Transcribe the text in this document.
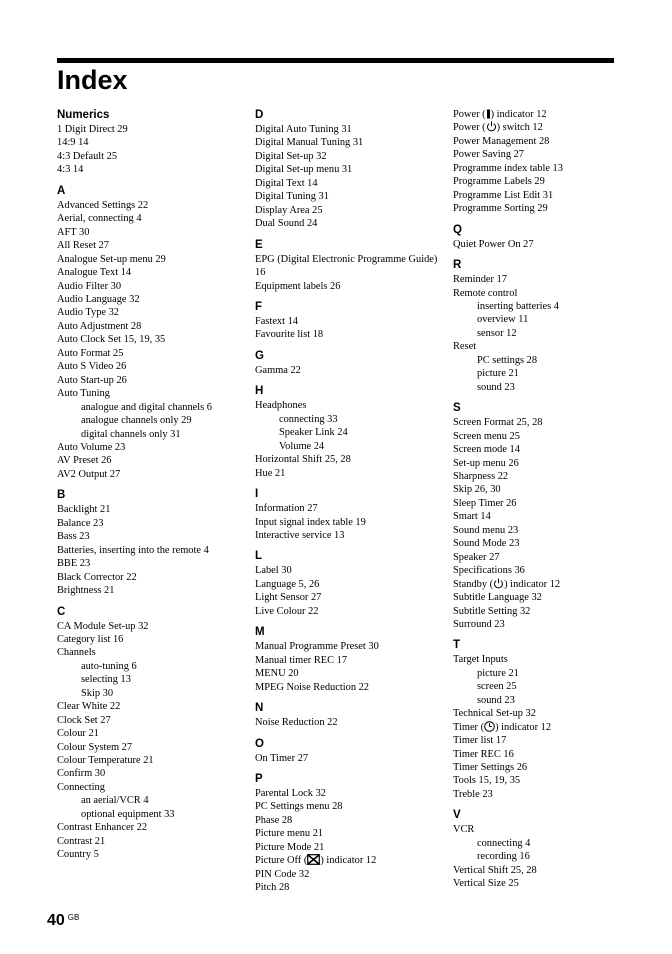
Index
Numerics
1 Digit Direct 29
14:9 14
4:3 Default 25
4:3 14
A
Advanced Settings 22
Aerial, connecting 4
AFT 30
All Reset 27
Analogue Set-up menu 29
Analogue Text 14
Audio Filter 30
Audio Language 32
Audio Type 32
Auto Adjustment 28
Auto Clock Set 15, 19, 35
Auto Format 25
Auto S Video 26
Auto Start-up 26
Auto Tuning
analogue and digital channels 6
analogue channels only 29
digital channels only 31
Auto Volume 23
AV Preset 26
AV2 Output 27
B
Backlight 21
Balance 23
Bass 23
Batteries, inserting into the remote 4
BBE 23
Black Corrector 22
Brightness 21
C
CA Module Set-up 32
Category list 16
Channels
auto-tuning 6
selecting 13
Skip 30
Clear White 22
Clock Set 27
Colour 21
Colour System 27
Colour Temperature 21
Confirm 30
Connecting
an aerial/VCR 4
optional equipment 33
Contrast Enhancer 22
Contrast 21
Country 5
D
Digital Auto Tuning 31
Digital Manual Tuning 31
Digital Set-up 32
Digital Set-up menu 31
Digital Text 14
Digital Tuning 31
Display Area 25
Dual Sound 24
E
EPG (Digital Electronic Programme Guide) 16
Equipment labels 26
F
Fastext 14
Favourite list 18
G
Gamma 22
H
Headphones
connecting 33
Speaker Link 24
Volume 24
Horizontal Shift 25, 28
Hue 21
I
Information 27
Input signal index table 19
Interactive service 13
L
Label 30
Language 5, 26
Light Sensor 27
Live Colour 22
M
Manual Programme Preset 30
Manual timer REC 17
MENU 20
MPEG Noise Reduction 22
N
Noise Reduction 22
O
On Timer 27
P
Parental Lock 32
PC Settings menu 28
Phase 28
Picture menu 21
Picture Mode 21
Picture Off ( ) indicator 12
PIN Code 32
Pitch 28
Power ( ) indicator 12
Power ( ) switch 12
Power Management 28
Power Saving 27
Programme index table 13
Programme Labels 29
Programme List Edit 31
Programme Sorting 29
Q
Quiet Power On 27
R
Reminder 17
Remote control
inserting batteries 4
overview 11
sensor 12
Reset
PC settings 28
picture 21
sound 23
S
Screen Format 25, 28
Screen menu 25
Screen mode 14
Set-up menu 26
Sharpness 22
Skip 26, 30
Sleep Timer 26
Smart 14
Sound menu 23
Sound Mode 23
Speaker 27
Specifications 36
Standby ( ) indicator 12
Subtitle Language 32
Subtitle Setting 32
Surround 23
T
Target Inputs
picture 21
screen 25
sound 23
Technical Set-up 32
Timer ( ) indicator 12
Timer list 17
Timer REC 16
Timer Settings 26
Tools 15, 19, 35
Treble 23
V
VCR
connecting 4
recording 16
Vertical Shift 25, 28
Vertical Size 25
40 $^{GB}$
